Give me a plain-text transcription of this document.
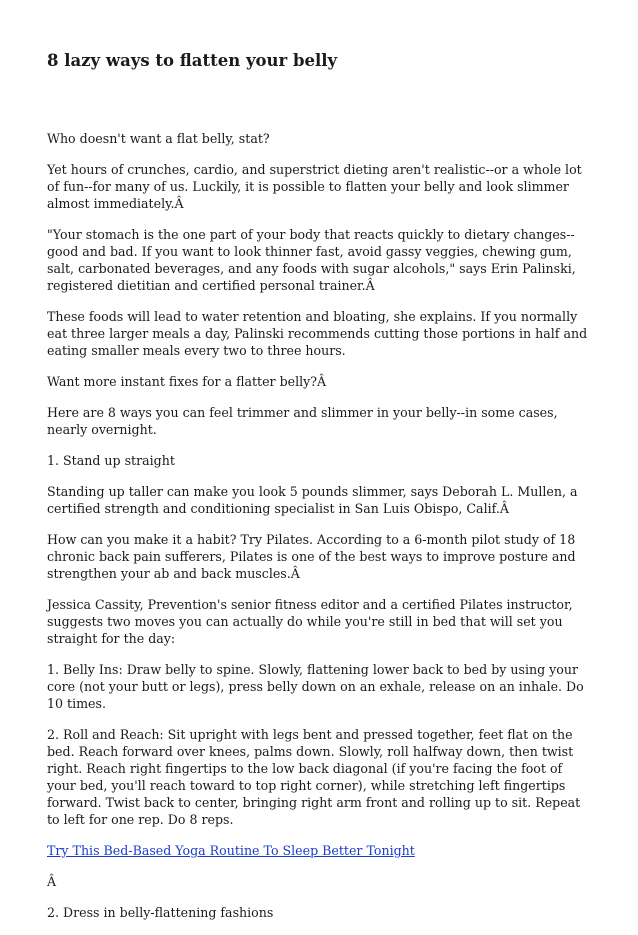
8 lazy ways to flatten your belly

Who doesn't want a flat belly, stat?

Yet hours of crunches, cardio, and superstrict dieting aren't realistic--or a whole lot of fun--for many of us. Luckily, it is possible to flatten your belly and look slimmer almost immediately.Â

"Your stomach is the one part of your body that reacts quickly to dietary changes--good and bad. If you want to look thinner fast, avoid gassy veggies, chewing gum, salt, carbonated beverages, and any foods with sugar alcohols," says Erin Palinski, registered dietitian and certified personal trainer.Â

These foods will lead to water retention and bloating, she explains. If you normally eat three larger meals a day, Palinski recommends cutting those portions in half and eating smaller meals every two to three hours.

Want more instant fixes for a flatter belly?Â

Here are 8 ways you can feel trimmer and slimmer in your belly--in some cases, nearly overnight.

1. Stand up straight

Standing up taller can make you look 5 pounds slimmer, says Deborah L. Mullen, a certified strength and conditioning specialist in San Luis Obispo, Calif.Â

How can you make it a habit? Try Pilates. According to a 6-month pilot study of 18 chronic back pain sufferers, Pilates is one of the best ways to improve posture and strengthen your ab and back muscles.Â

Jessica Cassity, Prevention's senior fitness editor and a certified Pilates instructor, suggests two moves you can actually do while you're still in bed that will set you straight for the day:

1. Belly Ins: Draw belly to spine. Slowly, flattening lower back to bed by using your core (not your butt or legs), press belly down on an exhale, release on an inhale. Do 10 times.

2. Roll and Reach: Sit upright with legs bent and pressed together, feet flat on the bed. Reach forward over knees, palms down. Slowly, roll halfway down, then twist right. Reach right fingertips to the low back diagonal (if you're facing the foot of your bed, you'll reach toward to top right corner), while stretching left fingertips forward. Twist back to center, bringing right arm front and rolling up to sit. Repeat to left for one rep. Do 8 reps.

Try This Bed-Based Yoga Routine To Sleep Better Tonight

Â

2. Dress in belly-flattening fashions
